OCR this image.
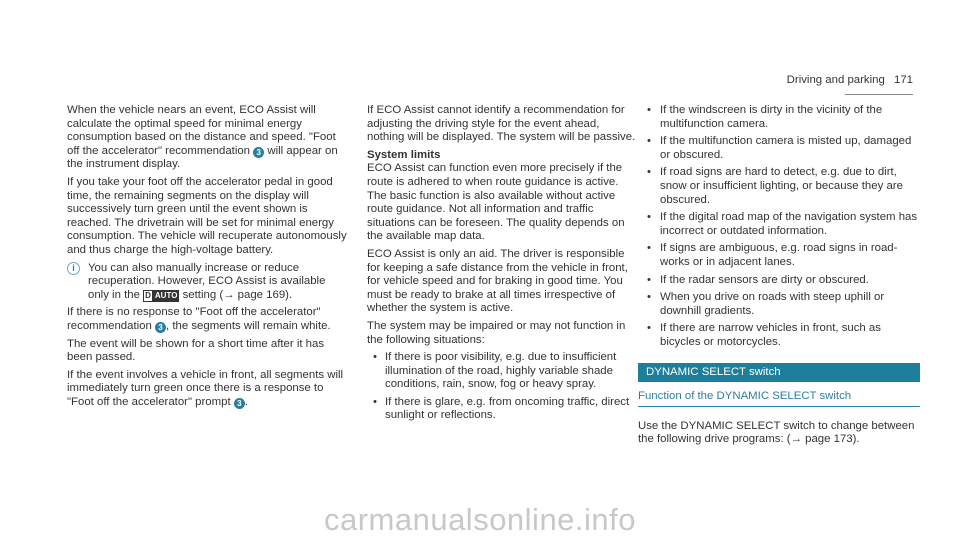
Driving and parking 171

When the vehicle nears an event, ECO Assist will calculate the optimal speed for minimal energy consumption based on the distance and speed. "Foot off the accelerator" recommendation 3 will appear on the instrument display.

If you take your foot off the accelerator pedal in good time, the remaining segments on the display will successively turn green until the event shown is reached. The drivetrain will be set for minimal energy consumption. The vehicle will recuperate autonomously and thus charge the high-voltage battery.

i	You can also manually increase or reduce recuperation. However, ECO Assist is available only in the D AUTO setting (→ page 169).

If there is no response to "Foot off the accelerator" recommendation 3 , the segments will remain white.

The event will be shown for a short time after it has been passed.

If the event involves a vehicle in front, all segments will immediately turn green once there is a response to "Foot off the accelerator" prompt 3 .

If ECO Assist cannot identify a recommendation for adjusting the driving style for the event ahead, nothing will be displayed. The system will be passive.

System limits

ECO Assist can function even more precisely if the route is adhered to when route guidance is active. The basic function is also available without active route guidance. Not all information and traffic situations can be foreseen. The quality depends on the available map data.

ECO Assist is only an aid. The driver is responsible for keeping a safe distance from the vehicle in front, for vehicle speed and for braking in good time. You must be ready to brake at all times irrespective of whether the system is active.

The system may be impaired or may not function in the following situations:

• If there is poor visibility, e.g. due to insufficient illumination of the road, highly variable shade conditions, rain, snow, fog or heavy spray.
• If there is glare, e.g. from oncoming traffic, direct sunlight or reflections.
• If the windscreen is dirty in the vicinity of the multifunction camera.
• If the multifunction camera is misted up, damaged or obscured.
• If road signs are hard to detect, e.g. due to dirt, snow or insufficient lighting, or because they are obscured.
• If the digital road map of the navigation system has incorrect or outdated information.
• If signs are ambiguous, e.g. road signs in road-works or in adjacent lanes.
• If the radar sensors are dirty or obscured.
• When you drive on roads with steep uphill or downhill gradients.
• If there are narrow vehicles in front, such as bicycles or motorcycles.
DYNAMIC SELECT switch
Function of the DYNAMIC SELECT switch

Use the DYNAMIC SELECT switch to change between the following drive programs: (→ page 173).

carmanualsonline.info
